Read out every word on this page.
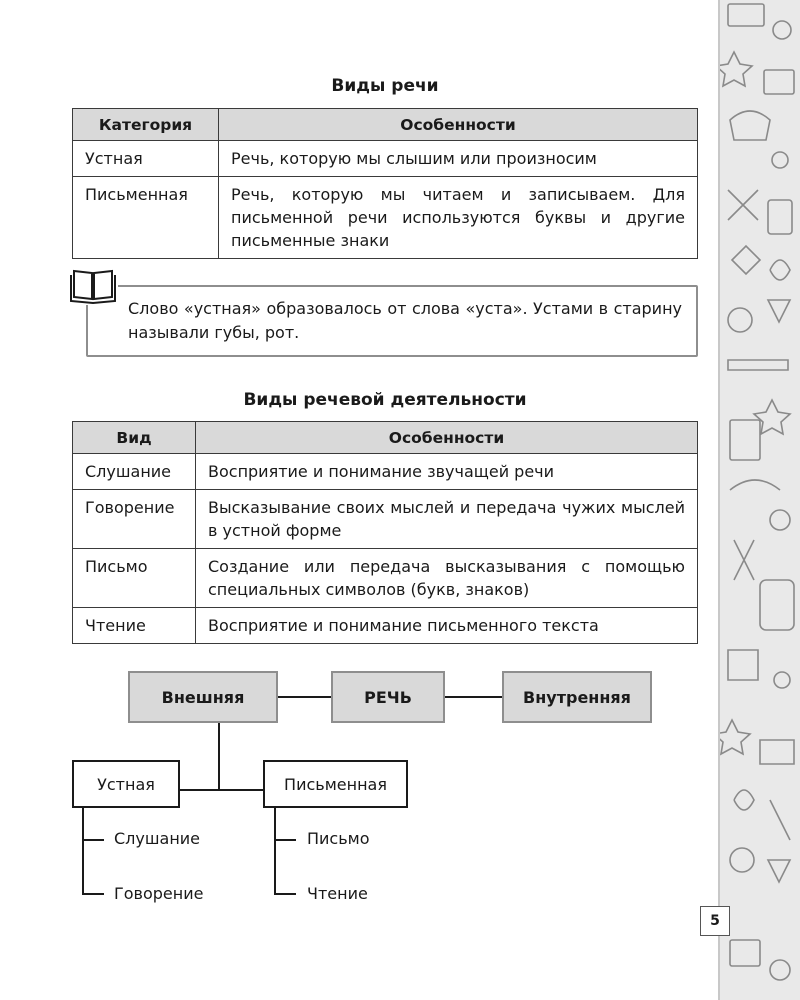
Виды речи
Категория	Особенности
Устная	Речь, которую мы слышим или произносим
Письменная	Речь, которую мы читаем и записываем. Для письменной речи используются буквы и другие письменные знаки
Слово «устная» образовалось от слова «уста». Устами в старину называли губы, рот.
Виды речевой деятельности
Вид	Особенности
Слушание	Восприятие и понимание звучащей речи
Говорение	Высказывание своих мыслей и передача чужих мыслей в устной форме
Письмо	Создание или передача высказывания с помощью специальных символов (букв, знаков)
Чтение	Восприятие и понимание письменного текста
Внешняя	РЕЧЬ	Внутренняя
Устная	Письменная
Слушание
Говорение
Письмо
Чтение
5
